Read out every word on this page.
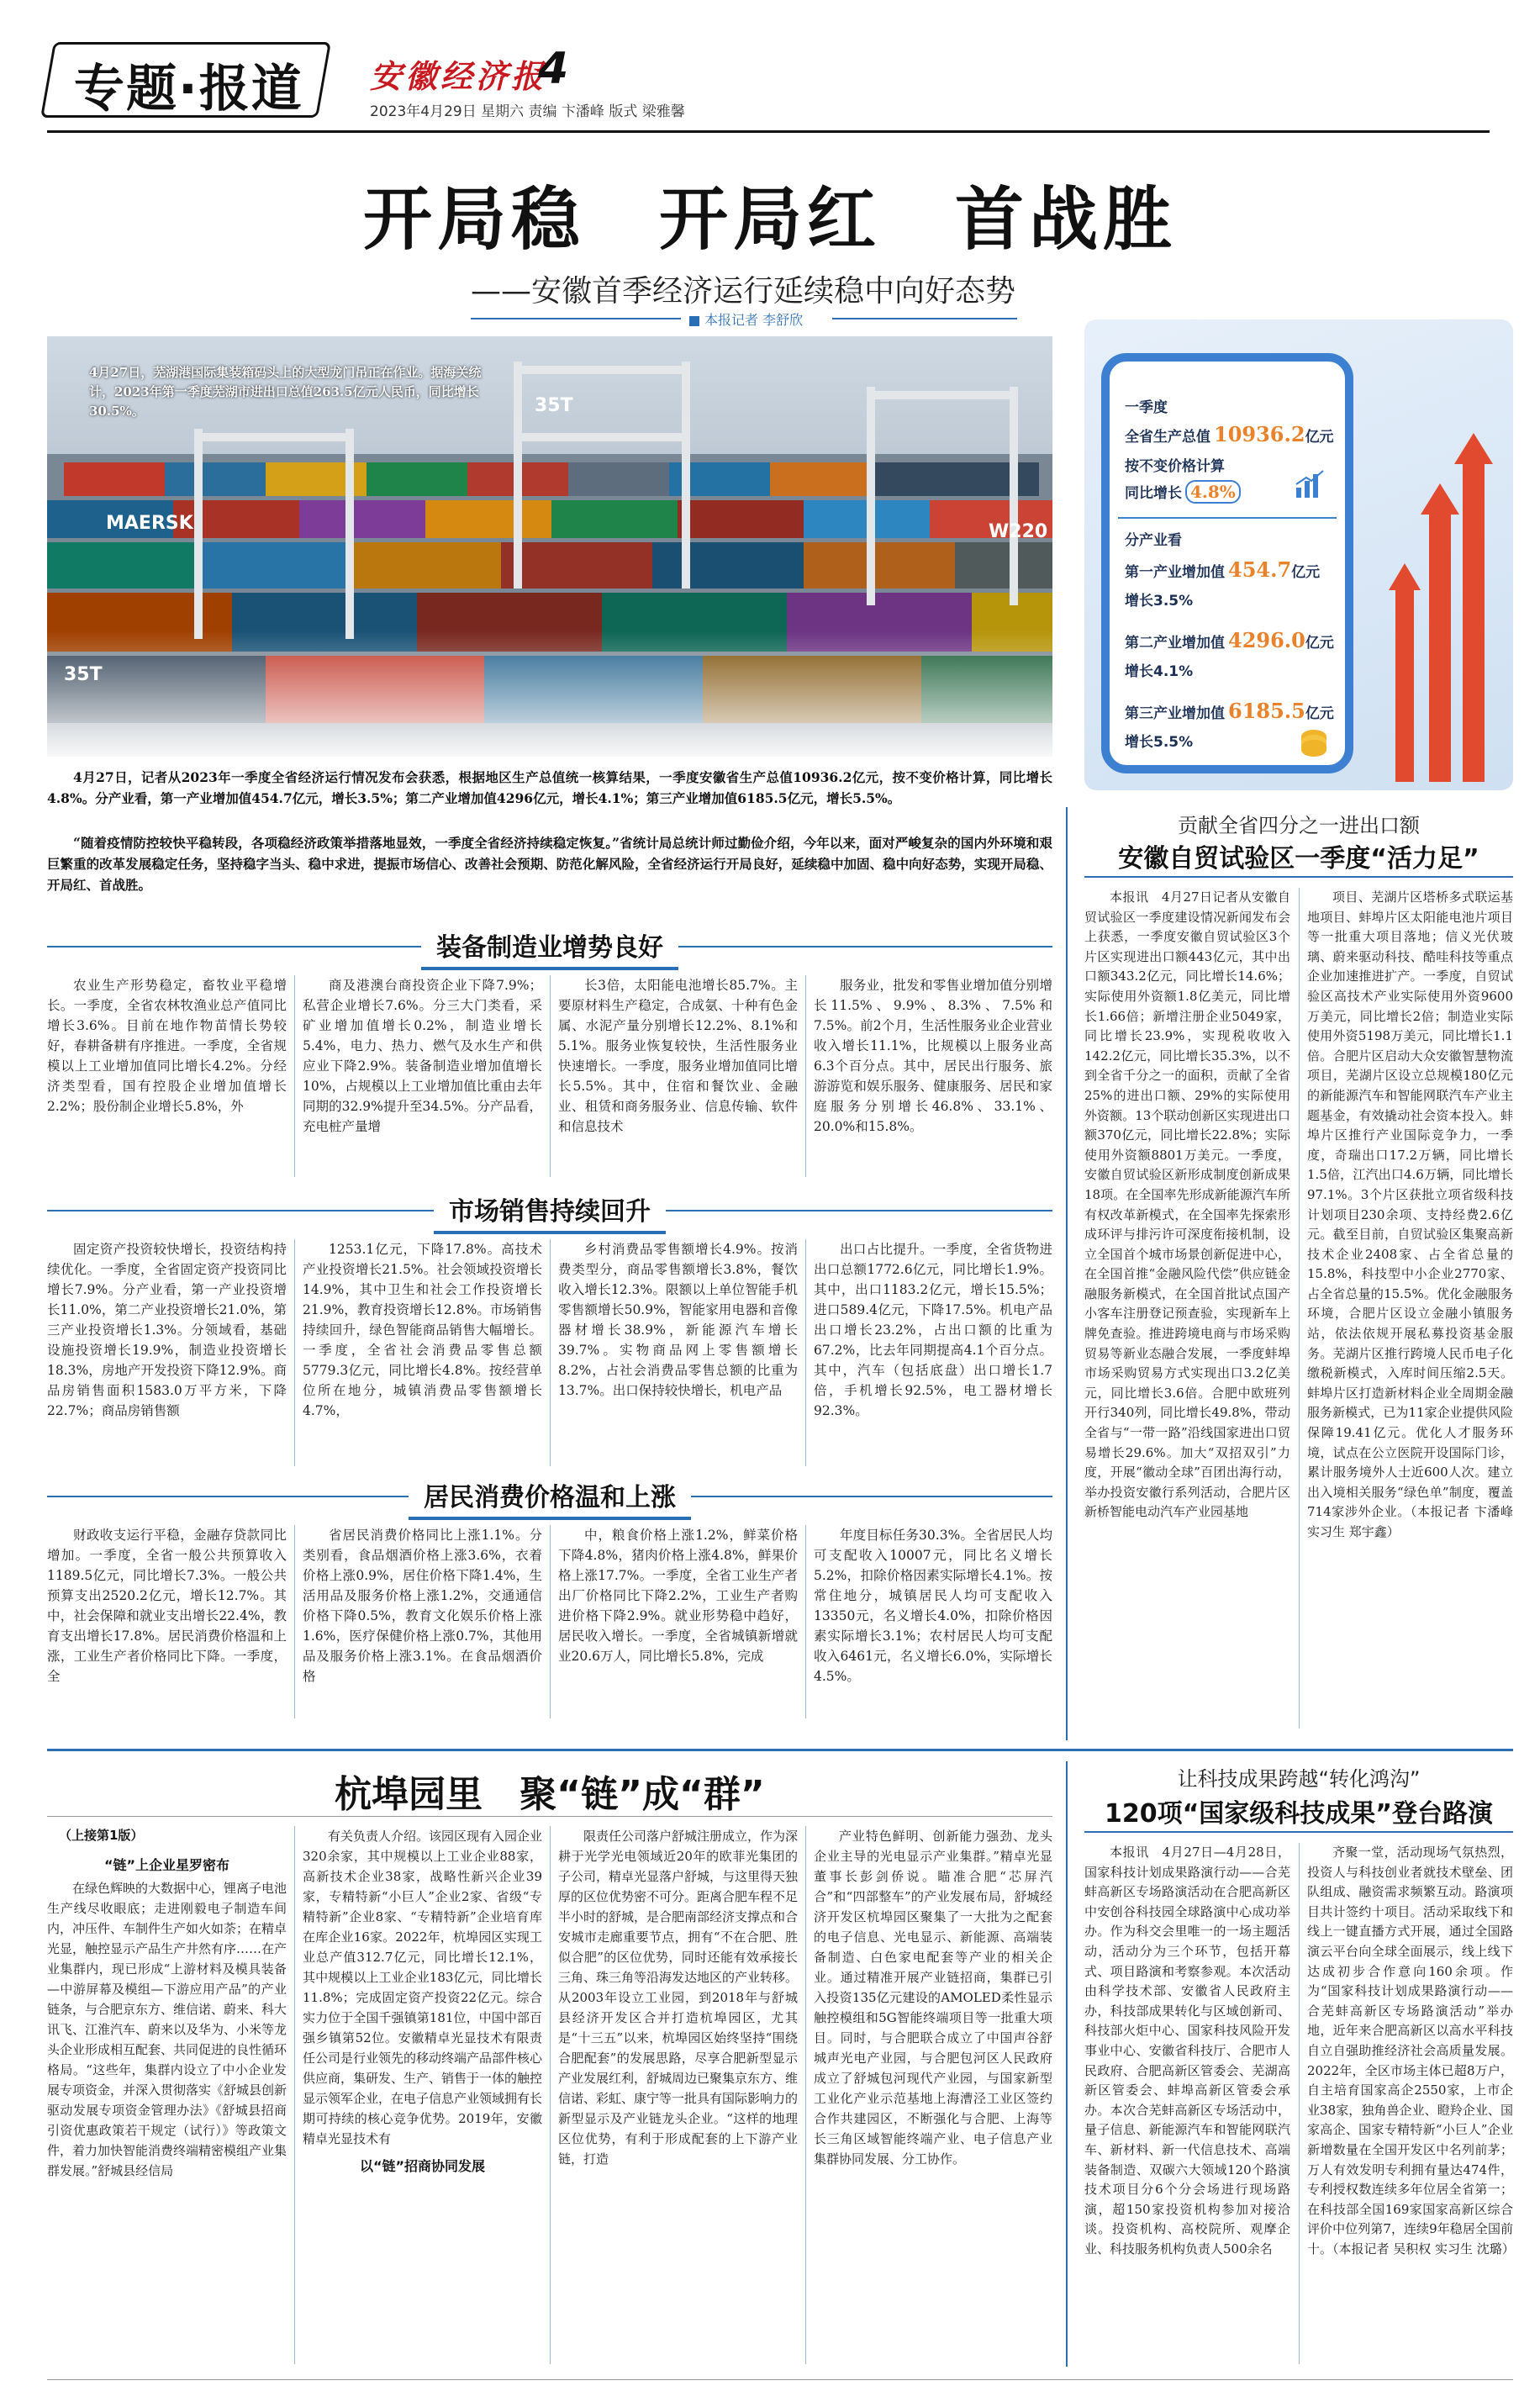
专题·报道 安徽经济报
4
2023年4月29日 星期六 责编 卞潘峰 版式 梁雅馨
开局稳　开局红　首战胜
——安徽首季经济运行延续稳中向好态势
本报记者 李舒欣
MAERSK
35T
W220
35T
4月27日，芜湖港国际集装箱码头上的大型龙门吊正在作业。据海关统计，2023年第一季度芜湖市进出口总值263.5亿元人民币，同比增长30.5%。	一季度
全省生产总值 10936.2亿元
按不变价格计算
同比增长 4.8%
分产业看
第一产业增加值 454.7亿元
增长3.5%
第二产业增加值 4296.0亿元
增长4.1%
第三产业增加值 6185.5亿元
增长5.5%
4月27日，记者从2023年一季度全省经济运行情况发布会获悉，根据地区生产总值统一核算结果，一季度安徽省生产总值10936.2亿元，按不变价格计算，同比增长4.8%。分产业看，第一产业增加值454.7亿元，增长3.5%；第二产业增加值4296亿元，增长4.1%；第三产业增加值6185.5亿元，增长5.5%。
“随着疫情防控较快平稳转段，各项稳经济政策举措落地显效，一季度全省经济持续稳定恢复。”省统计局总统计师过勤俭介绍，今年以来，面对严峻复杂的国内外环境和艰巨繁重的改革发展稳定任务，坚持稳字当头、稳中求进，提振市场信心、改善社会预期、防范化解风险，全省经济运行开局良好，延续稳中加固、稳中向好态势，实现开局稳、开局红、首战胜。
装备制造业增势良好
农业生产形势稳定，畜牧业平稳增长。一季度，全省农林牧渔业总产值同比增长3.6%。目前在地作物苗情长势较好，春耕备耕有序推进。一季度，全省规模以上工业增加值同比增长4.2%。分经济类型看，国有控股企业增加值增长2.2%；股份制企业增长5.8%，外
商及港澳台商投资企业下降7.9%；私营企业增长7.6%。分三大门类看，采矿业增加值增长0.2%，制造业增长5.4%，电力、热力、燃气及水生产和供应业下降2.9%。装备制造业增加值增长10%，占规模以上工业增加值比重由去年同期的32.9%提升至34.5%。分产品看，充电桩产量增
长3倍，太阳能电池增长85.7%。主要原材料生产稳定，合成氨、十种有色金属、水泥产量分别增长12.2%、8.1%和5.1%。服务业恢复较快，生活性服务业快速增长。一季度，服务业增加值同比增长5.5%。其中，住宿和餐饮业、金融业、租赁和商务服务业、信息传输、软件和信息技术
服务业，批发和零售业增加值分别增长11.5%、9.9%、8.3%、7.5%和7.5%。前2个月，生活性服务业企业营业收入增长11.1%，比规模以上服务业高6.3个百分点。其中，居民出行服务、旅游游览和娱乐服务、健康服务、居民和家庭服务分别增长46.8%、33.1%、20.0%和15.8%。
市场销售持续回升
固定资产投资较快增长，投资结构持续优化。一季度，全省固定资产投资同比增长7.9%。分产业看，第一产业投资增长11.0%，第二产业投资增长21.0%，第三产业投资增长1.3%。分领域看，基础设施投资增长19.9%，制造业投资增长18.3%，房地产开发投资下降12.9%。商品房销售面积1583.0万平方米，下降22.7%；商品房销售额
1253.1亿元，下降17.8%。高技术产业投资增长21.5%。社会领域投资增长14.9%，其中卫生和社会工作投资增长21.9%，教育投资增长12.8%。市场销售持续回升，绿色智能商品销售大幅增长。一季度，全省社会消费品零售总额5779.3亿元，同比增长4.8%。按经营单位所在地分，城镇消费品零售额增长4.7%，
乡村消费品零售额增长4.9%。按消费类型分，商品零售额增长3.8%，餐饮收入增长12.3%。限额以上单位智能手机零售额增长50.9%，智能家用电器和音像器材增长38.9%，新能源汽车增长39.7%。实物商品网上零售额增长8.2%，占社会消费品零售总额的比重为13.7%。出口保持较快增长，机电产品
出口占比提升。一季度，全省货物进出口总额1772.6亿元，同比增长1.9%。其中，出口1183.2亿元，增长15.5%；进口589.4亿元，下降17.5%。机电产品出口增长23.2%，占出口额的比重为67.2%，比去年同期提高4.1个百分点。其中，汽车（包括底盘）出口增长1.7倍，手机增长92.5%，电工器材增长92.3%。
居民消费价格温和上涨
财政收支运行平稳，金融存贷款同比增加。一季度，全省一般公共预算收入1189.5亿元，同比增长7.3%。一般公共预算支出2520.2亿元，增长12.7%。其中，社会保障和就业支出增长22.4%，教育支出增长17.8%。居民消费价格温和上涨，工业生产者价格同比下降。一季度，全
省居民消费价格同比上涨1.1%。分类别看，食品烟酒价格上涨3.6%，衣着价格上涨0.9%，居住价格下降1.4%，生活用品及服务价格上涨1.2%，交通通信价格下降0.5%，教育文化娱乐价格上涨1.6%，医疗保健价格上涨0.7%，其他用品及服务价格上涨3.1%。在食品烟酒价格
中，粮食价格上涨1.2%，鲜菜价格下降4.8%，猪肉价格上涨4.8%，鲜果价格上涨17.7%。一季度，全省工业生产者出厂价格同比下降2.2%，工业生产者购进价格下降2.9%。就业形势稳中趋好，居民收入增长。一季度，全省城镇新增就业20.6万人，同比增长5.8%，完成
年度目标任务30.3%。全省居民人均可支配收入10007元，同比名义增长5.2%，扣除价格因素实际增长4.1%。按常住地分，城镇居民人均可支配收入13350元，名义增长4.0%，扣除价格因素实际增长3.1%；农村居民人均可支配收入6461元，名义增长6.0%，实际增长4.5%。
贡献全省四分之一进出口额
安徽自贸试验区一季度“活力足”
本报讯　4月27日记者从安徽自贸试验区一季度建设情况新闻发布会上获悉，一季度安徽自贸试验区3个片区实现进出口额443亿元，其中出口额343.2亿元，同比增长14.6%；实际使用外资额1.8亿美元，同比增长1.66倍；新增注册企业5049家，同比增长23.9%，实现税收收入142.2亿元，同比增长35.3%，以不到全省千分之一的面积，贡献了全省25%的进出口额、29%的实际使用外资额。13个联动创新区实现进出口额370亿元，同比增长22.8%；实际使用外资额8801万美元。一季度，安徽自贸试验区新形成制度创新成果18项。在全国率先形成新能源汽车所有权改革新模式，在全国率先探索形成环评与排污许可深度衔接机制，设立全国首个城市场景创新促进中心，在全国首推“金融风险代偿”供应链金融服务新模式，在全国首批试点国产小客车注册登记预查验，实现新车上牌免查验。推进跨境电商与市场采购贸易等新业态融合发展，一季度蚌埠市场采购贸易方式实现出口3.2亿美元，同比增长3.6倍。合肥中欧班列开行340列，同比增长49.8%，带动全省与“一带一路”沿线国家进出口贸易增长29.6%。加大“双招双引”力度，开展“徽动全球”百团出海行动，举办投资安徽行系列活动，合肥片区新桥智能电动汽车产业园基地
项目、芜湖片区塔桥多式联运基地项目、蚌埠片区太阳能电池片项目等一批重大项目落地；信义光伏玻璃、蔚来驱动科技、酷哇科技等重点企业加速推进扩产。一季度，自贸试验区高技术产业实际使用外资9600万美元，同比增长2倍；制造业实际使用外资5198万美元，同比增长1.1倍。合肥片区启动大众安徽智慧物流项目，芜湖片区设立总规模180亿元的新能源汽车和智能网联汽车产业主题基金，有效撬动社会资本投入。蚌埠片区推行产业国际竞争力，一季度，奇瑞出口17.2万辆，同比增长1.5倍，江汽出口4.6万辆，同比增长97.1%。3个片区获批立项省级科技计划项目230余项、支持经费2.6亿元。截至目前，自贸试验区集聚高新技术企业2408家、占全省总量的15.8%，科技型中小企业2770家、占全省总量的15.5%。优化金融服务环境，合肥片区设立金融小镇服务站，依法依规开展私募投资基金服务。芜湖片区推行跨境人民币电子化缴税新模式，入库时间压缩2.5天。蚌埠片区打造新材料企业全周期金融服务新模式，已为11家企业提供风险保障19.41亿元。优化人才服务环境，试点在公立医院开设国际门诊，累计服务境外人士近600人次。建立出入境相关服务“绿色单”制度，覆盖714家涉外企业。（本报记者 卞潘峰 实习生 郑宇鑫）
杭埠园里　聚“链”成“群”
（上接第1版）
“链”上企业星罗密布
在绿色辉映的大数据中心，锂离子电池生产线尽收眼底；走进刚毅电子制造车间内，冲压件、车制件生产如火如荼；在精卓光显，触控显示产品生产井然有序……在产业集群内，现已形成“上游材料及模具装备—中游屏幕及模组—下游应用产品”的产业链条，与合肥京东方、维信诺、蔚来、科大讯飞、江淮汽车、蔚来以及华为、小米等龙头企业形成相互配套、共同促进的良性循环格局。“这些年，集群内设立了中小企业发展专项资金，并深入贯彻落实《舒城县创新驱动发展专项资金管理办法》《舒城县招商引资优惠政策若干规定（试行）》等政策文件，着力加快智能消费终端精密模组产业集群发展。”舒城县经信局
有关负责人介绍。该园区现有入园企业320余家，其中规模以上工业企业88家，高新技术企业38家，战略性新兴企业39家，专精特新“小巨人”企业2家、省级“专精特新”企业8家、“专精特新”企业培育库在库企业16家。2022年，杭埠园区实现工业总产值312.7亿元，同比增长12.1%，其中规模以上工业企业183亿元，同比增长11.8%；完成固定资产投资22亿元。综合实力位于全国千强镇第181位，中国中部百强乡镇第52位。安徽精卓光显技术有限责任公司是行业领先的移动终端产品部件核心供应商，集研发、生产、销售于一体的触控显示领军企业，在电子信息产业领域拥有长期可持续的核心竞争优势。2019年，安徽精卓光显技术有
以“链”招商协同发展
限责任公司落户舒城注册成立，作为深耕于光学光电领域近20年的欧菲光集团的子公司，精卓光显落户舒城，与这里得天独厚的区位优势密不可分。距离合肥车程不足半小时的舒城，是合肥南部经济支撑点和合安城市走廊重要节点，拥有“不在合肥、胜似合肥”的区位优势，同时还能有效承接长三角、珠三角等沿海发达地区的产业转移。从2003年设立工业园，到2018年与舒城县经济开发区合并打造杭埠园区，尤其是“十三五”以来，杭埠园区始终坚持“围绕合肥配套”的发展思路，尽享合肥新型显示产业发展红利，舒城周边已聚集京东方、维信诺、彩虹、康宁等一批具有国际影响力的新型显示及产业链龙头企业。“这样的地理区位优势，有利于形成配套的上下游产业链，打造
产业特色鲜明、创新能力强劲、龙头企业主导的光电显示产业集群。”精卓光显董事长彭剑侨说。瞄准合肥“芯屏汽合”和“四部整车”的产业发展布局，舒城经济开发区杭埠园区聚集了一大批为之配套的电子信息、光电显示、新能源、高端装备制造、白色家电配套等产业的相关企业。通过精准开展产业链招商，集群已引入投资135亿元建设的AMOLED柔性显示触控模组和5G智能终端项目等一批重大项目。同时，与合肥联合成立了中国声谷舒城声光电产业园，与合肥包河区人民政府成立了舒城包河现代产业园，与国家新型工业化产业示范基地上海漕泾工业区签约合作共建园区，不断强化与合肥、上海等长三角区域智能终端产业、电子信息产业集群协同发展、分工协作。
让科技成果跨越“转化鸿沟”
120项“国家级科技成果”登台路演
本报讯　4月27日—4月28日，国家科技计划成果路演行动——合芜蚌高新区专场路演活动在合肥高新区中安创谷科技园全球路演中心成功举办。作为科交会里唯一的一场主题活动，活动分为三个环节，包括开幕式、项目路演和考察参观。本次活动由科学技术部、安徽省人民政府主办，科技部成果转化与区域创新司、科技部火炬中心、国家科技风险开发事业中心、安徽省科技厅、合肥市人民政府、合肥高新区管委会、芜湖高新区管委会、蚌埠高新区管委会承办。本次合芜蚌高新区专场活动中，量子信息、新能源汽车和智能网联汽车、新材料、新一代信息技术、高端装备制造、双碳六大领域120个路演技术项目分6个分会场进行现场路演，超150家投资机构参加对接洽谈。投资机构、高校院所、观摩企业、科技服务机构负责人500余名
齐聚一堂，活动现场气氛热烈，投资人与科技创业者就技术壁垒、团队组成、融资需求频繁互动。路演项目共计签约十项目。活动采取线下和线上一键直播方式开展，通过全国路演云平台向全球全面展示，线上线下达成初步合作意向160余项。作为“国家科技计划成果路演行动——合芜蚌高新区专场路演活动”举办地，近年来合肥高新区以高水平科技自立自强助推经济社会高质量发展。2022年，全区市场主体已超8万户，自主培育国家高企2550家，上市企业38家，独角兽企业、瞪羚企业、国家高企、国家专精特新“小巨人”企业新增数量在全国开发区中名列前茅；万人有效发明专利拥有量达474件，专利授权数连续多年位居全省第一；在科技部全国169家国家高新区综合评价中位列第7，连续9年稳居全国前十。（本报记者 吴积权 实习生 沈璐）
